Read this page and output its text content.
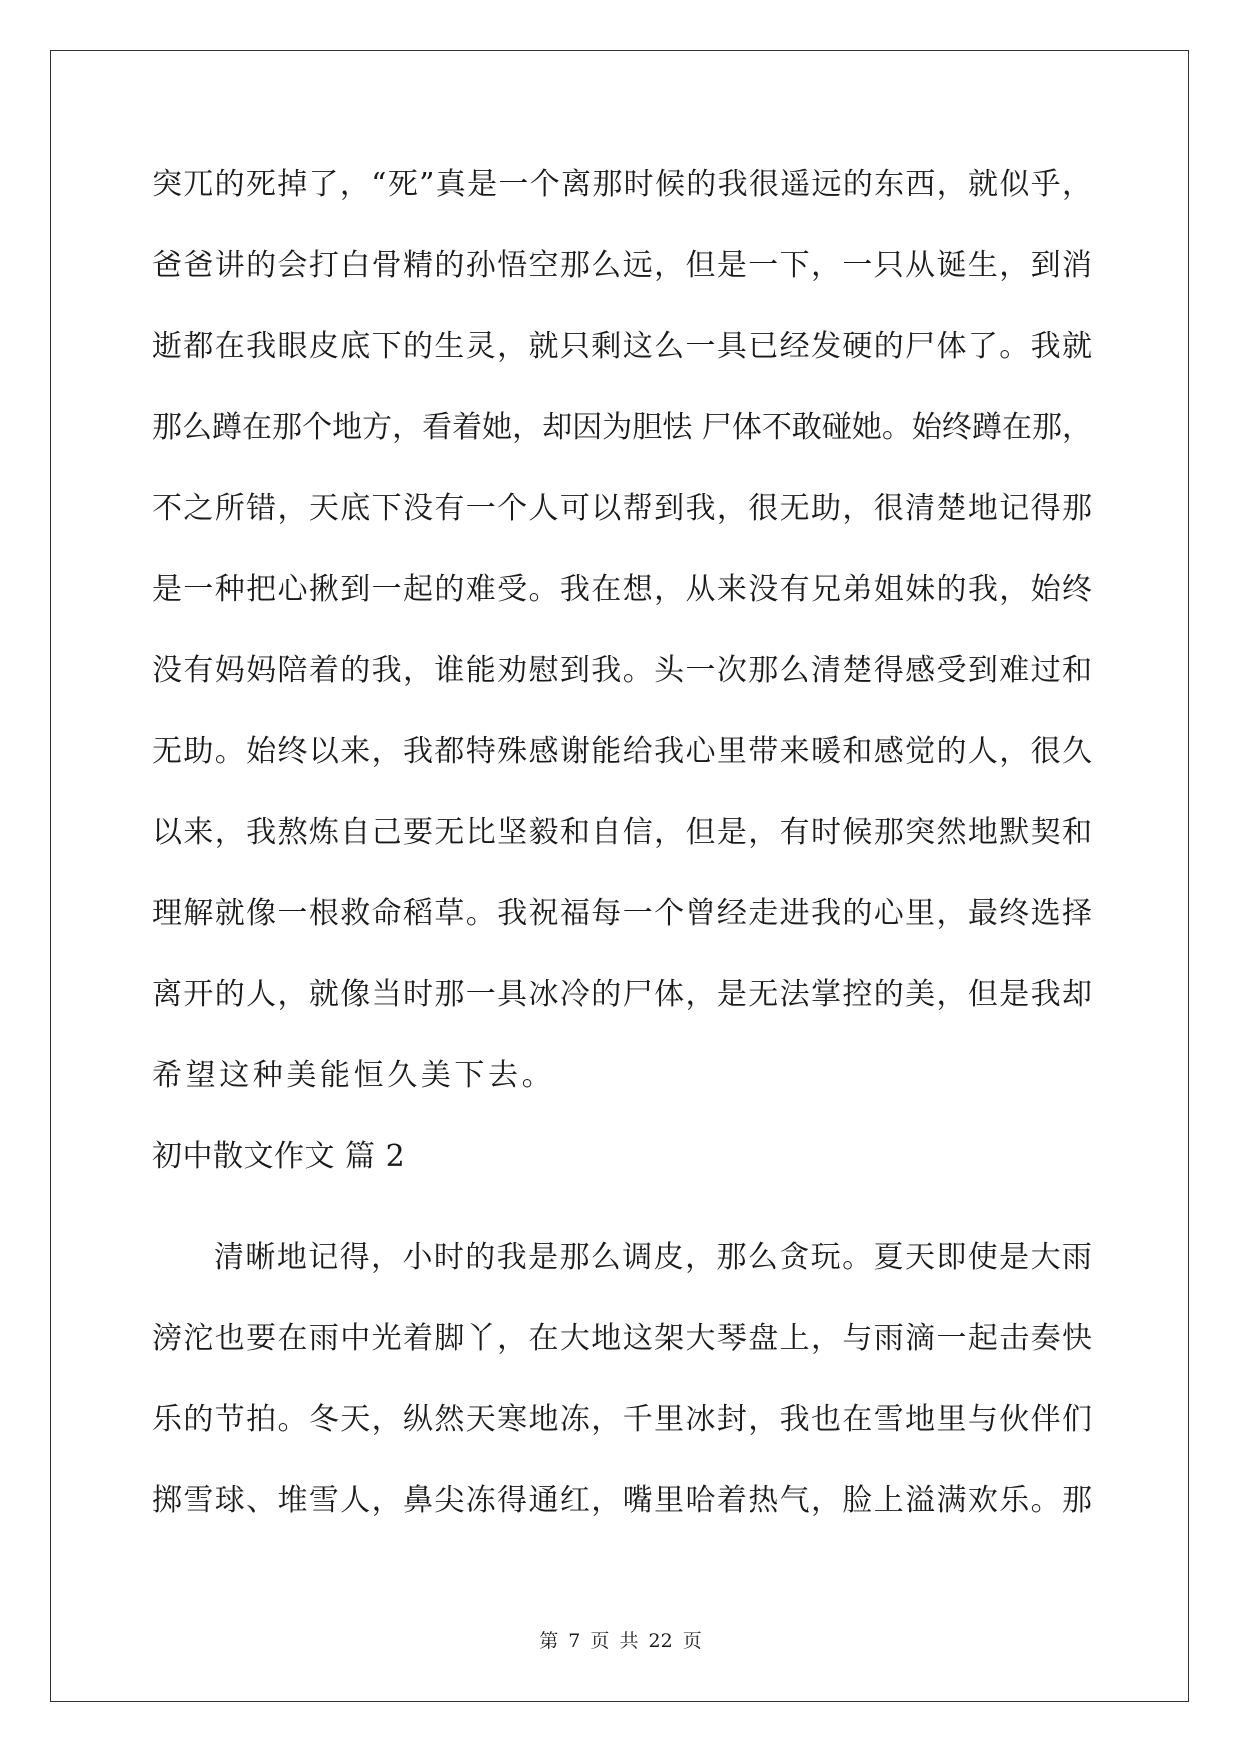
突兀的死掉了，“死”真是一个离那时候的我很遥远的东西，就似乎，
爸爸讲的会打白骨精的孙悟空那么远，但是一下，一只从诞生，到消
逝都在我眼皮底下的生灵，就只剩这么一具已经发硬的尸体了。我就
那么蹲在那个地方，看着她，却因为胆怯 尸体不敢碰她。始终蹲在那，
不之所错，天底下没有一个人可以帮到我，很无助，很清楚地记得那
是一种把心揪到一起的难受。我在想，从来没有兄弟姐妹的我，始终
没有妈妈陪着的我，谁能劝慰到我。头一次那么清楚得感受到难过和
无助。始终以来，我都特殊感谢能给我心里带来暖和感觉的人，很久
以来，我熬炼自己要无比坚毅和自信，但是，有时候那突然地默契和
理解就像一根救命稻草。我祝福每一个曾经走进我的心里，最终选择
离开的人，就像当时那一具冰冷的尸体，是无法掌控的美，但是我却
希望这种美能恒久美下去。
初中散文作文 篇 2
清晰地记得，小时的我是那么调皮，那么贪玩。夏天即使是大雨
滂沱也要在雨中光着脚丫，在大地这架大琴盘上，与雨滴一起击奏快
乐的节拍。冬天，纵然天寒地冻，千里冰封，我也在雪地里与伙伴们
掷雪球、堆雪人，鼻尖冻得通红，嘴里哈着热气，脸上溢满欢乐。那
第 7 页 共 22 页
